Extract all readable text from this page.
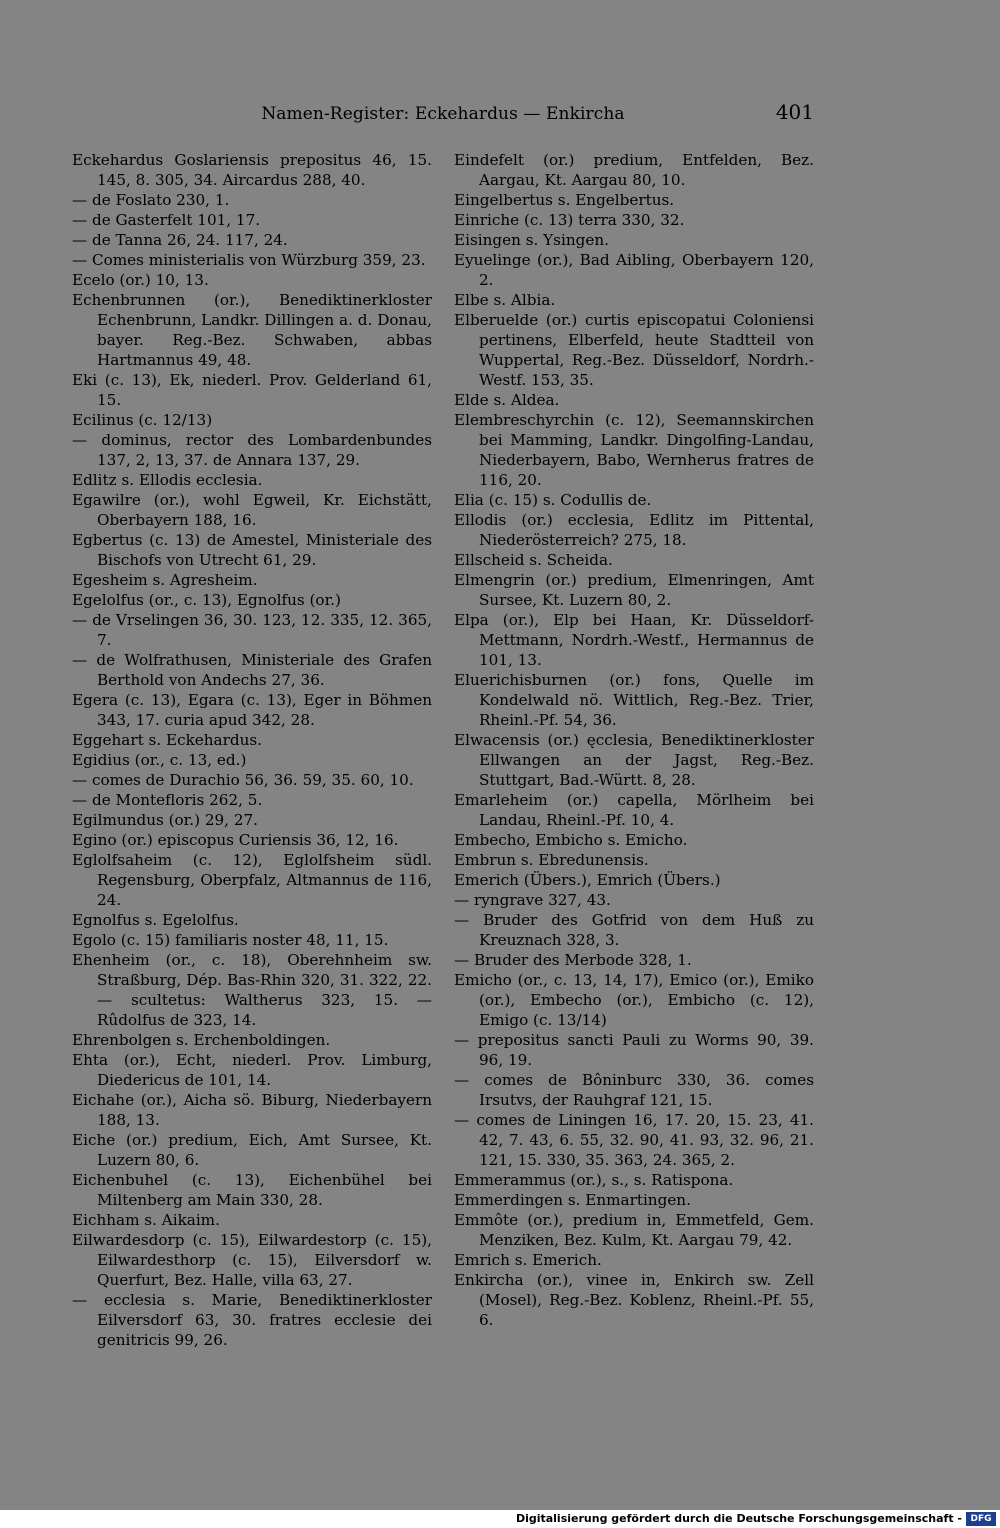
Namen-Register: Eckehardus — Enkircha	401
Eckehardus Goslariensis prepositus 46, 15. 145, 8. 305, 34. Aircardus 288, 40.
— de Foslato 230, 1.
— de Gasterfelt 101, 17.
— de Tanna 26, 24. 117, 24.
— Comes ministerialis von Würzburg 359, 23.
Ecelo (or.) 10, 13.
Echenbrunnen (or.), Benediktinerkloster Echenbrunn, Landkr. Dillingen a. d. Donau, bayer. Reg.-Bez. Schwaben, abbas Hartmannus 49, 48.
Eki (c. 13), Ek, niederl. Prov. Gelderland 61, 15.
Ecilinus (c. 12/13)
— dominus, rector des Lombardenbundes 137, 2, 13, 37. de Annara 137, 29.
Edlitz s. Ellodis ecclesia.
Egawilre (or.), wohl Egweil, Kr. Eichstätt, Oberbayern 188, 16.
Egbertus (c. 13) de Amestel, Ministeriale des Bischofs von Utrecht 61, 29.
Egesheim s. Agresheim.
Egelolfus (or., c. 13), Egnolfus (or.)
— de Vrselingen 36, 30. 123, 12. 335, 12. 365, 7.
— de Wolfrathusen, Ministeriale des Grafen Berthold von Andechs 27, 36.
Egera (c. 13), Egara (c. 13), Eger in Böhmen 343, 17. curia apud 342, 28.
Eggehart s. Eckehardus.
Egidius (or., c. 13, ed.)
— comes de Durachio 56, 36. 59, 35. 60, 10.
— de Montefloris 262, 5.
Egilmundus (or.) 29, 27.
Egino (or.) episcopus Curiensis 36, 12, 16.
Eglolfsaheim (c. 12), Eglolfsheim südl. Regensburg, Oberpfalz, Altmannus de 116, 24.
Egnolfus s. Egelolfus.
Egolo (c. 15) familiaris noster 48, 11, 15.
Ehenheim (or., c. 18), Oberehnheim sw. Straßburg, Dép. Bas-Rhin 320, 31. 322, 22. — scultetus: Waltherus 323, 15. — Rûdolfus de 323, 14.
Ehrenbolgen s. Erchenboldingen.
Ehta (or.), Echt, niederl. Prov. Limburg, Diedericus de 101, 14.
Eichahe (or.), Aicha sö. Biburg, Niederbayern 188, 13.
Eiche (or.) predium, Eich, Amt Sursee, Kt. Luzern 80, 6.
Eichenbuhel (c. 13), Eichenbühel bei Miltenberg am Main 330, 28.
Eichham s. Aikaim.
Eilwardesdorp (c. 15), Eilwardestorp (c. 15), Eilwardesthorp (c. 15), Eilversdorf w. Querfurt, Bez. Halle, villa 63, 27.
— ecclesia s. Marie, Benediktinerkloster Eilversdorf 63, 30. fratres ecclesie dei genitricis 99, 26.
Eindefelt (or.) predium, Entfelden, Bez. Aargau, Kt. Aargau 80, 10.
Eingelbertus s. Engelbertus.
Einriche (c. 13) terra 330, 32.
Eisingen s. Ysingen.
Eyuelinge (or.), Bad Aibling, Oberbayern 120, 2.
Elbe s. Albia.
Elberuelde (or.) curtis episcopatui Coloniensi pertinens, Elberfeld, heute Stadtteil von Wuppertal, Reg.-Bez. Düsseldorf, Nordrh.-Westf. 153, 35.
Elde s. Aldea.
Elembreschyrchin (c. 12), Seemannskirchen bei Mamming, Landkr. Dingolfing-Landau, Niederbayern, Babo, Wernherus fratres de 116, 20.
Elia (c. 15) s. Codullis de.
Ellodis (or.) ecclesia, Edlitz im Pittental, Niederösterreich? 275, 18.
Ellscheid s. Scheida.
Elmengrin (or.) predium, Elmenringen, Amt Sursee, Kt. Luzern 80, 2.
Elpa (or.), Elp bei Haan, Kr. Düsseldorf-Mettmann, Nordrh.-Westf., Hermannus de 101, 13.
Eluerichisburnen (or.) fons, Quelle im Kondelwald nö. Wittlich, Reg.-Bez. Trier, Rheinl.-Pf. 54, 36.
Elwacensis (or.) ęcclesia, Benediktinerkloster Ellwangen an der Jagst, Reg.-Bez. Stuttgart, Bad.-Württ. 8, 28.
Emarleheim (or.) capella, Mörlheim bei Landau, Rheinl.-Pf. 10, 4.
Embecho, Embicho s. Emicho.
Embrun s. Ebredunensis.
Emerich (Übers.), Emrich (Übers.)
— ryngrave 327, 43.
— Bruder des Gotfrid von dem Huß zu Kreuznach 328, 3.
— Bruder des Merbode 328, 1.
Emicho (or., c. 13, 14, 17), Emico (or.), Emiko (or.), Embecho (or.), Embicho (c. 12), Emigo (c. 13/14)
— prepositus sancti Pauli zu Worms 90, 39. 96, 19.
— comes de Bôninburc 330, 36. comes Irsutvs, der Rauhgraf 121, 15.
— comes de Liningen 16, 17. 20, 15. 23, 41. 42, 7. 43, 6. 55, 32. 90, 41. 93, 32. 96, 21. 121, 15. 330, 35. 363, 24. 365, 2.
Emmerammus (or.), s., s. Ratispona.
Emmerdingen s. Enmartingen.
Emmôte (or.), predium in, Emmetfeld, Gem. Menziken, Bez. Kulm, Kt. Aargau 79, 42.
Emrich s. Emerich.
Enkircha (or.), vinee in, Enkirch sw. Zell (Mosel), Reg.-Bez. Koblenz, Rheinl.-Pf. 55, 6.
Digitalisierung gefördert durch die Deutsche Forschungsgemeinschaft - DFG
